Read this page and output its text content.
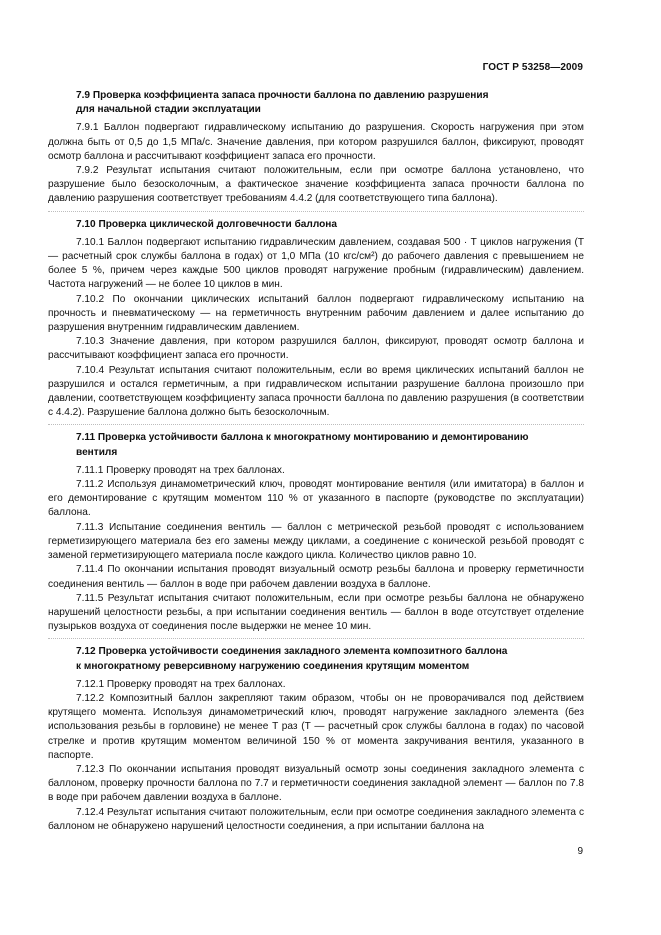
ГОСТ Р 53258—2009
7.9 Проверка коэффициента запаса прочности баллона по давлению разрушения
для начальной стадии эксплуатации

7.9.1 Баллон подвергают гидравлическому испытанию до разрушения. Скорость нагружения при этом должна быть от 0,5 до 1,5 МПа/с. Значение давления, при котором разрушился баллон, фиксируют, проводят осмотр баллона и рассчитывают коэффициент запаса его прочности.

7.9.2 Результат испытания считают положительным, если при осмотре баллона установлено, что разрушение было безосколочным, а фактическое значение коэффициента запаса прочности баллона по давлению разрушения соответствует требованиям 4.4.2 (для соответствующего типа баллона).

7.10 Проверка циклической долговечности баллона

7.10.1 Баллон подвергают испытанию гидравлическим давлением, создавая 500 · T циклов нагружения (T — расчетный срок службы баллона в годах) от 1,0 МПа (10 кгс/см²) до рабочего давления с превышением не более 5 %, причем через каждые 500 циклов проводят нагружение пробным (гидравлическим) давлением. Частота нагружений — не более 10 циклов в мин.

7.10.2 По окончании циклических испытаний баллон подвергают гидравлическому испытанию на прочность и пневматическому — на герметичность внутренним рабочим давлением и далее испытанию до разрушения внутренним гидравлическим давлением.

7.10.3 Значение давления, при котором разрушился баллон, фиксируют, проводят осмотр баллона и рассчитывают коэффициент запаса его прочности.

7.10.4 Результат испытания считают положительным, если во время циклических испытаний баллон не разрушился и остался герметичным, а при гидравлическом испытании разрушение баллона произошло при давлении, соответствующем коэффициенту запаса прочности баллона по давлению разрушения (в соответствии с 4.4.2). Разрушение баллона должно быть безосколочным.

7.11 Проверка устойчивости баллона к многократному монтированию и демонтированию
вентиля

7.11.1 Проверку проводят на трех баллонах.

7.11.2 Используя динамометрический ключ, проводят монтирование вентиля (или имитатора) в баллон и его демонтирование с крутящим моментом 110 % от указанного в паспорте (руководстве по эксплуатации) баллона.

7.11.3 Испытание соединения вентиль — баллон с метрической резьбой проводят с использованием герметизирующего материала без его замены между циклами, а соединение с конической резьбой проводят с заменой герметизирующего материала после каждого цикла. Количество циклов равно 10.

7.11.4 По окончании испытания проводят визуальный осмотр резьбы баллона и проверку герметичности соединения вентиль — баллон в воде при рабочем давлении воздуха в баллоне.

7.11.5 Результат испытания считают положительным, если при осмотре резьбы баллона не обнаружено нарушений целостности резьбы, а при испытании соединения вентиль — баллон в воде отсутствует отделение пузырьков воздуха от соединения после выдержки не менее 10 мин.

7.12 Проверка устойчивости соединения закладного элемента композитного баллона
к многократному реверсивному нагружению соединения крутящим моментом

7.12.1 Проверку проводят на трех баллонах.

7.12.2 Композитный баллон закрепляют таким образом, чтобы он не проворачивался под действием крутящего момента. Используя динамометрический ключ, проводят нагружение закладного элемента (без использования резьбы в горловине) не менее T раз (T — расчетный срок службы баллона в годах) по часовой стрелке и против крутящим моментом величиной 150 % от момента закручивания вентиля, указанного в паспорте.

7.12.3 По окончании испытания проводят визуальный осмотр зоны соединения закладного элемента с баллоном, проверку прочности баллона по 7.7 и герметичности соединения закладной элемент — баллон по 7.8 в воде при рабочем давлении воздуха в баллоне.

7.12.4 Результат испытания считают положительным, если при осмотре соединения закладного элемента с баллоном не обнаружено нарушений целостности соединения, а при испытании баллона на

9
